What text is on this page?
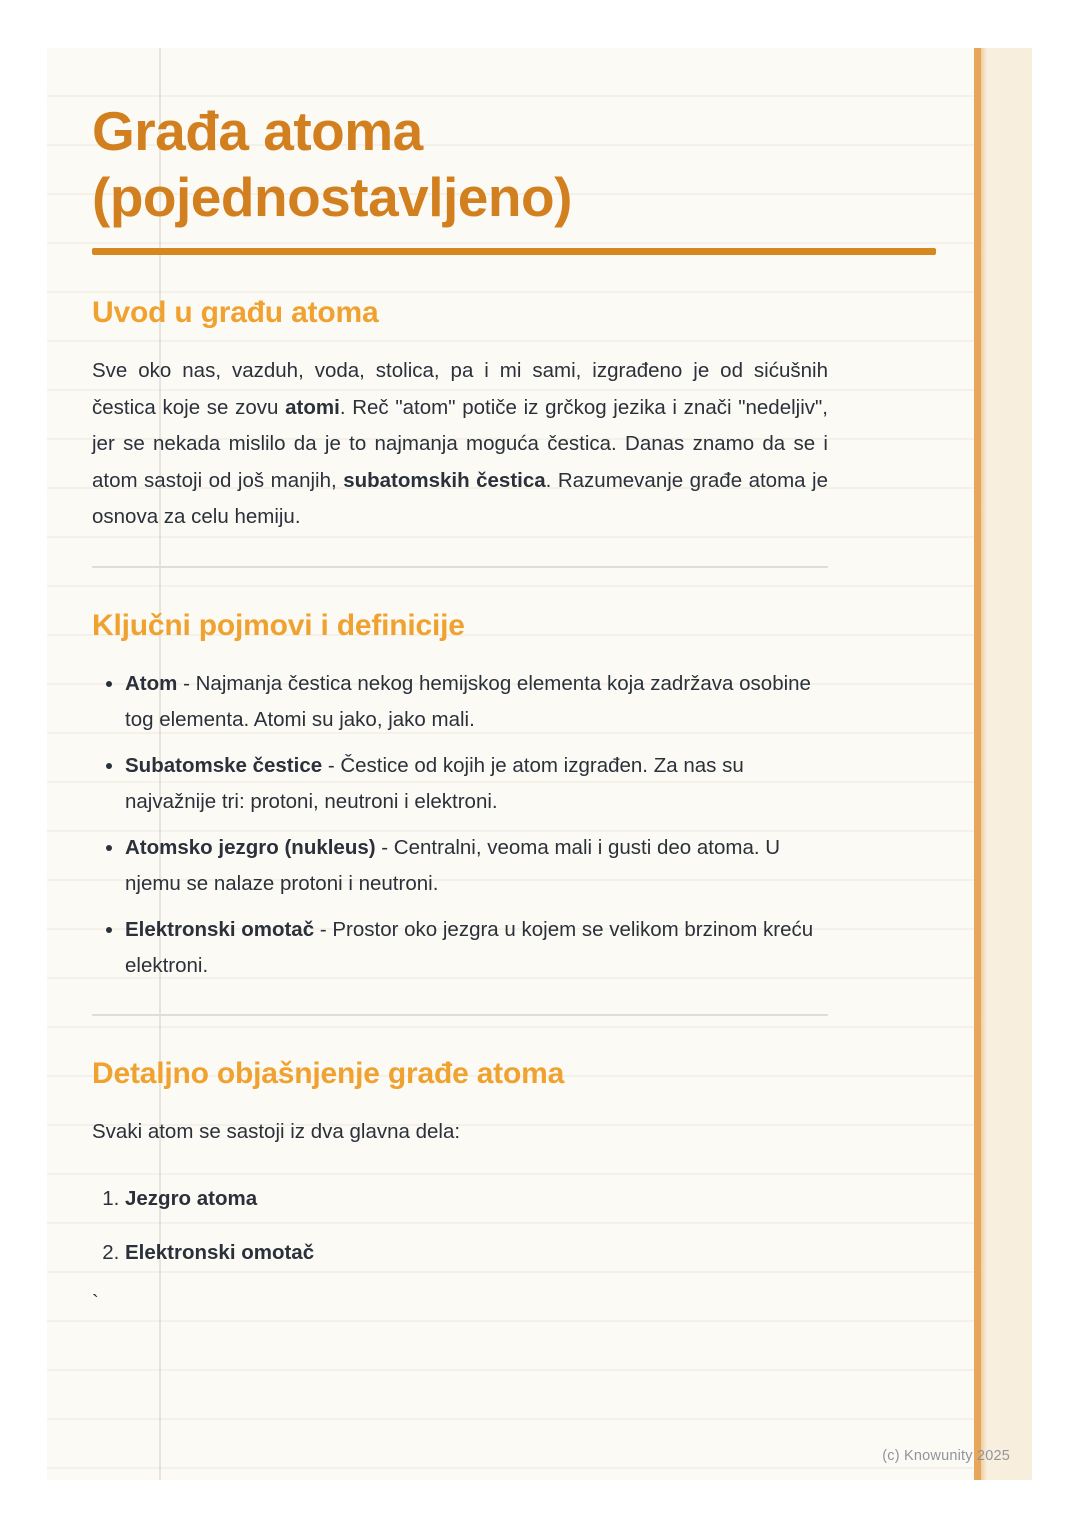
Građa atoma (pojednostavljeno)
Uvod u građu atoma

Sve oko nas, vazduh, voda, stolica, pa i mi sami, izgrađeno je od sićušnih čestica koje se zovu atomi. Reč "atom" potiče iz grčkog jezika i znači "nedeljiv", jer se nekada mislilo da je to najmanja moguća čestica. Danas znamo da se i atom sastoji od još manjih, subatomskih čestica. Razumevanje građe atoma je osnova za celu hemiju.

Ključni pojmovi i definicije
• Atom - Najmanja čestica nekog hemijskog elementa koja zadržava osobine tog elementa. Atomi su jako, jako mali.
• Subatomske čestice - Čestice od kojih je atom izgrađen. Za nas su najvažnije tri: protoni, neutroni i elektroni.
• Atomsko jezgro (nukleus) - Centralni, veoma mali i gusti deo atoma. U njemu se nalaze protoni i neutroni.
• Elektronski omotač - Prostor oko jezgra u kojem se velikom brzinom kreću elektroni.
Detaljno objašnjenje građe atoma

Svaki atom se sastoji iz dva glavna dela:

1. Jezgro atoma
2. Elektronski omotač

`

(c) Knowunity 2025
